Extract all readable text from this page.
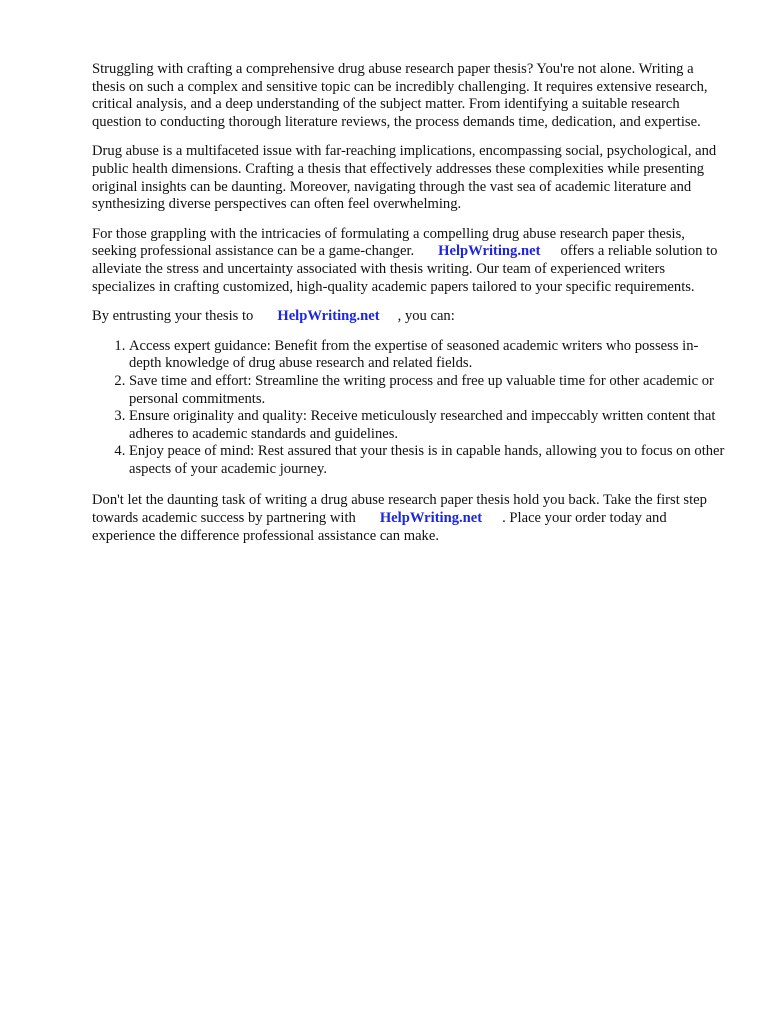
Struggling with crafting a comprehensive drug abuse research paper thesis? You're not alone. Writing a thesis on such a complex and sensitive topic can be incredibly challenging. It requires extensive research, critical analysis, and a deep understanding of the subject matter. From identifying a suitable research question to conducting thorough literature reviews, the process demands time, dedication, and expertise.

Drug abuse is a multifaceted issue with far-reaching implications, encompassing social, psychological, and public health dimensions. Crafting a thesis that effectively addresses these complexities while presenting original insights can be daunting. Moreover, navigating through the vast sea of academic literature and synthesizing diverse perspectives can often feel overwhelming.

For those grappling with the intricacies of formulating a compelling drug abuse research paper thesis, seeking professional assistance can be a game-changer. HelpWriting.net offers a reliable solution to alleviate the stress and uncertainty associated with thesis writing. Our team of experienced writers specializes in crafting customized, high-quality academic papers tailored to your specific requirements.

By entrusting your thesis to HelpWriting.net , you can:

1. Access expert guidance: Benefit from the expertise of seasoned academic writers who possess in-depth knowledge of drug abuse research and related fields.
2. Save time and effort: Streamline the writing process and free up valuable time for other academic or personal commitments.
3. Ensure originality and quality: Receive meticulously researched and impeccably written content that adheres to academic standards and guidelines.
4. Enjoy peace of mind: Rest assured that your thesis is in capable hands, allowing you to focus on other aspects of your academic journey.

Don't let the daunting task of writing a drug abuse research paper thesis hold you back. Take the first step towards academic success by partnering with HelpWriting.net . Place your order today and experience the difference professional assistance can make.
